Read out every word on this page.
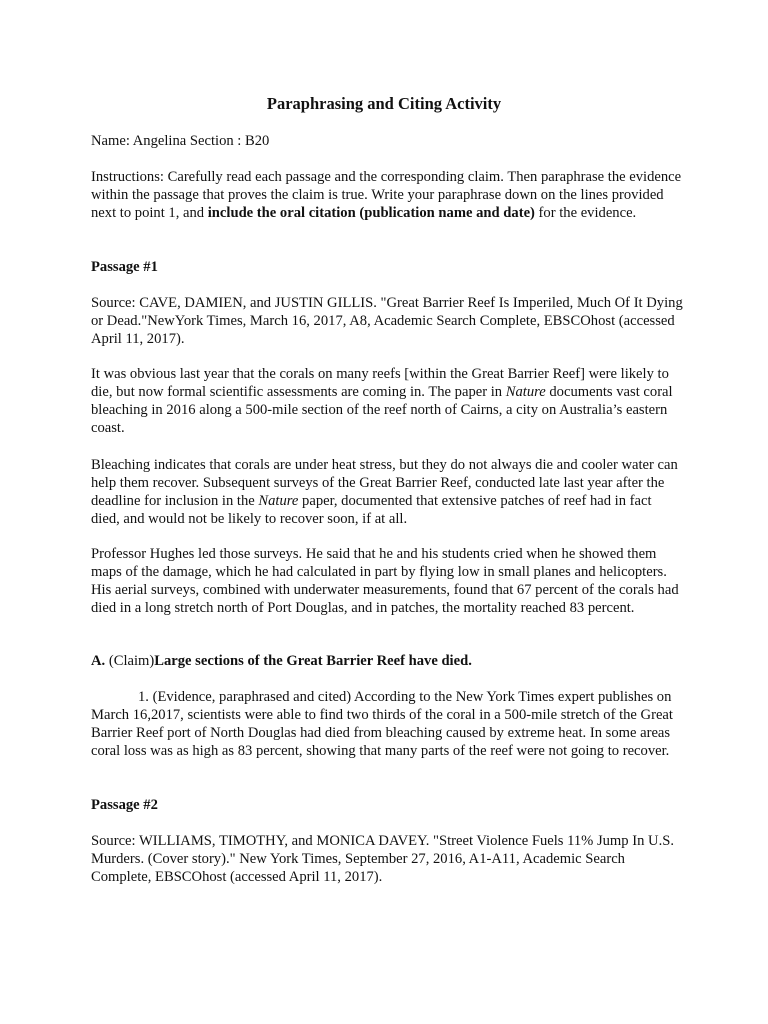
Paraphrasing and Citing Activity

Name: Angelina Section : B20

Instructions: Carefully read each passage and the corresponding claim. Then paraphrase the evidence within the passage that proves the claim is true. Write your paraphrase down on the lines provided next to point 1, and include the oral citation (publication name and date) for the evidence.

Passage #1

Source: CAVE, DAMIEN, and JUSTIN GILLIS. "Great Barrier Reef Is Imperiled, Much Of It Dying or Dead."NewYork Times, March 16, 2017, A8, Academic Search Complete, EBSCOhost (accessed April 11, 2017).

It was obvious last year that the corals on many reefs [within the Great Barrier Reef] were likely to die, but now formal scientific assessments are coming in. The paper in Nature documents vast coral bleaching in 2016 along a 500-mile section of the reef north of Cairns, a city on Australia’s eastern coast.

Bleaching indicates that corals are under heat stress, but they do not always die and cooler water can help them recover. Subsequent surveys of the Great Barrier Reef, conducted late last year after the deadline for inclusion in the Nature paper, documented that extensive patches of reef had in fact died, and would not be likely to recover soon, if at all.

Professor Hughes led those surveys. He said that he and his students cried when he showed them maps of the damage, which he had calculated in part by flying low in small planes and helicopters. His aerial surveys, combined with underwater measurements, found that 67 percent of the corals had died in a long stretch north of Port Douglas, and in patches, the mortality reached 83 percent.

A. (Claim)Large sections of the Great Barrier Reef have died.

1. (Evidence, paraphrased and cited) According to the New York Times expert publishes on March 16,2017, scientists were able to find two thirds of the coral in a 500-mile stretch of the Great Barrier Reef port of North Douglas had died from bleaching caused by extreme heat. In some areas coral loss was as high as 83 percent, showing that many parts of the reef were not going to recover.

Passage #2

Source: WILLIAMS, TIMOTHY, and MONICA DAVEY. "Street Violence Fuels 11% Jump In U.S. Murders. (Cover story)." New York Times, September 27, 2016, A1-A11, Academic Search Complete, EBSCOhost (accessed April 11, 2017).
